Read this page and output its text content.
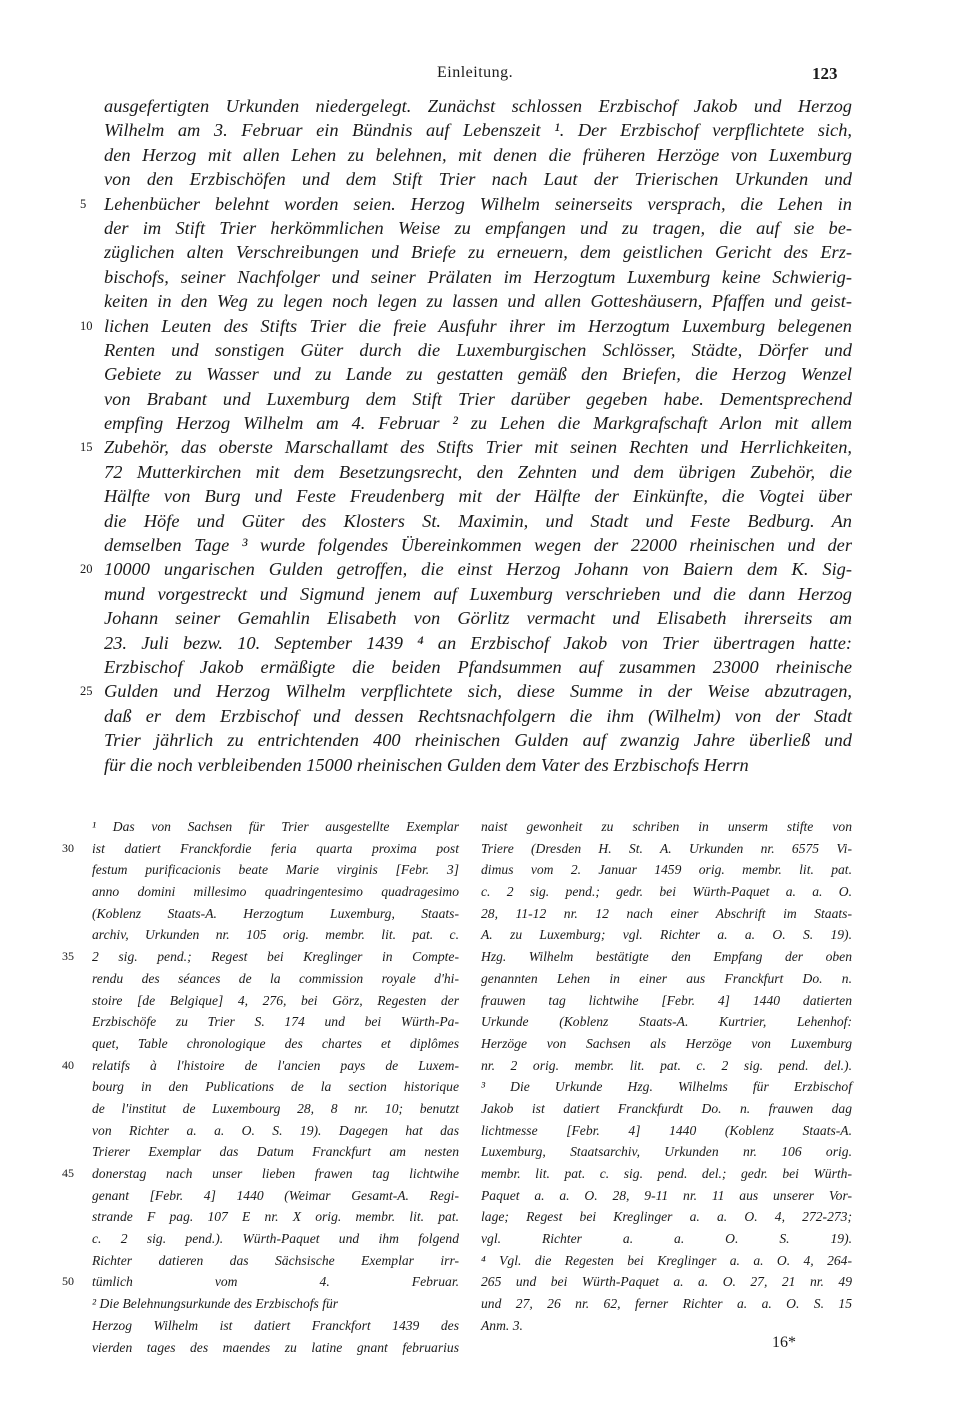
Einleitung.	123
ausgefertigten Urkunden niedergelegt. Zunächst schlossen Erzbischof Jakob und Herzog
Wilhelm am 3. Februar ein Bündnis auf Lebenszeit ¹. Der Erzbischof verpflichtete sich,
den Herzog mit allen Lehen zu belehnen, mit denen die früheren Herzöge von Luxemburg
von den Erzbischöfen und dem Stift Trier nach Laut der Trierischen Urkunden und
5 Lehenbücher belehnt worden seien. Herzog Wilhelm seinerseits versprach, die Lehen in
der im Stift Trier herkömmlichen Weise zu empfangen und zu tragen, die auf sie be-
züglichen alten Verschreibungen und Briefe zu erneuern, dem geistlichen Gericht des Erz-
bischofs, seiner Nachfolger und seiner Prälaten im Herzogtum Luxemburg keine Schwierig-
keiten in den Weg zu legen noch legen zu lassen und allen Gotteshäusern, Pfaffen und geist-
10 lichen Leuten des Stifts Trier die freie Ausfuhr ihrer im Herzogtum Luxemburg belegenen
Renten und sonstigen Güter durch die Luxemburgischen Schlösser, Städte, Dörfer und
Gebiete zu Wasser und zu Lande zu gestatten gemäß den Briefen, die Herzog Wenzel
von Brabant und Luxemburg dem Stift Trier darüber gegeben habe. Dementsprechend
empfing Herzog Wilhelm am 4. Februar ² zu Lehen die Markgrafschaft Arlon mit allem
15 Zubehör, das oberste Marschallamt des Stifts Trier mit seinen Rechten und Herrlichkeiten,
72 Mutterkirchen mit dem Besetzungsrecht, den Zehnten und dem übrigen Zubehör, die
Hälfte von Burg und Feste Freudenberg mit der Hälfte der Einkünfte, die Vogtei über
die Höfe und Güter des Klosters St. Maximin, und Stadt und Feste Bedburg. An
demselben Tage ³ wurde folgendes Übereinkommen wegen der 22000 rheinischen und der
20 10000 ungarischen Gulden getroffen, die einst Herzog Johann von Baiern dem K. Sig-
mund vorgestreckt und Sigmund jenem auf Luxemburg verschrieben und die dann Herzog
Johann seiner Gemahlin Elisabeth von Görlitz vermacht und Elisabeth ihrerseits am
23. Juli bezw. 10. September 1439 ⁴ an Erzbischof Jakob von Trier übertragen hatte:
Erzbischof Jakob ermäßigte die beiden Pfandsummen auf zusammen 23000 rheinische
25 Gulden und Herzog Wilhelm verpflichtete sich, diese Summe in der Weise abzutragen,
daß er dem Erzbischof und dessen Rechtsnachfolgern die ihm (Wilhelm) von der Stadt
Trier jährlich zu entrichtenden 400 rheinischen Gulden auf zwanzig Jahre überließ und
für die noch verbleibenden 15000 rheinischen Gulden dem Vater des Erzbischofs Herrn
¹ Das von Sachsen für Trier ausgestellte Exemplar
30	ist datiert Franckfordie feria quarta proxima post
festum purificacionis beate Marie virginis [Febr. 3]
anno domini millesimo quadringentesimo quadragesimo
(Koblenz Staats-A. Herzogtum Luxemburg, Staats-
archiv, Urkunden nr. 105 orig. membr. lit. pat. c.
35	2 sig. pend.; Regest bei Kreglinger in Compte-
rendu des séances de la commission royale d'hi-
stoire [de Belgique] 4, 276, bei Görz, Regesten der
Erzbischöfe zu Trier S. 174 und bei Würth-Pa-
quet, Table chronologique des chartes et diplômes
40	relatifs à l'histoire de l'ancien pays de Luxem-
bourg in den Publications de la section historique
de l'institut de Luxembourg 28, 8 nr. 10; benutzt
von Richter a. a. O. S. 19). Dagegen hat das
Trierer Exemplar das Datum Franckfurt am nesten
45	donerstag nach unser lieben frawen tag lichtwihe
genant [Febr. 4] 1440 (Weimar Gesamt-A. Regi-
strande F pag. 107 E nr. X orig. membr. lit. pat.
c. 2 sig. pend.). Würth-Paquet und ihm folgend
Richter datieren das Sächsische Exemplar irr-
50	tümlich vom 4. Februar.
² Die Belehnungsurkunde des Erzbischofs für
Herzog Wilhelm ist datiert Franckfort 1439 des
vierden tages des maendes zu latine gnant februarius
naist gewonheit zu schriben in unserm stifte von
Triere (Dresden H. St. A. Urkunden nr. 6575 Vi-
dimus vom 2. Januar 1459 orig. membr. lit. pat.
c. 2 sig. pend.; gedr. bei Würth-Paquet a. a. O.
28, 11-12 nr. 12 nach einer Abschrift im Staats-
A. zu Luxemburg; vgl. Richter a. a. O. S. 19).
Hzg. Wilhelm bestätigte den Empfang der oben
genannten Lehen in einer aus Franckfurt Do. n.
frauwen tag lichtwihe [Febr. 4] 1440 datierten
Urkunde (Koblenz Staats-A. Kurtrier, Lehenhof:
Herzöge von Sachsen als Herzöge von Luxemburg
nr. 2 orig. membr. lit. pat. c. 2 sig. pend. del.).
³ Die Urkunde Hzg. Wilhelms für Erzbischof
Jakob ist datiert Franckfurdt Do. n. frauwen dag
lichtmesse [Febr. 4] 1440 (Koblenz Staats-A.
Luxemburg, Staatsarchiv, Urkunden nr. 106 orig.
membr. lit. pat. c. sig. pend. del.; gedr. bei Würth-
Paquet a. a. O. 28, 9-11 nr. 11 aus unserer Vor-
lage; Regest bei Kreglinger a. a. O. 4, 272-273;
vgl. Richter a. a. O. S. 19).
⁴ Vgl. die Regesten bei Kreglinger a. a. O. 4, 264-
265 und bei Würth-Paquet a. a. O. 27, 21 nr. 49
und 27, 26 nr. 62, ferner Richter a. a. O. S. 15
Anm. 3.
16*
